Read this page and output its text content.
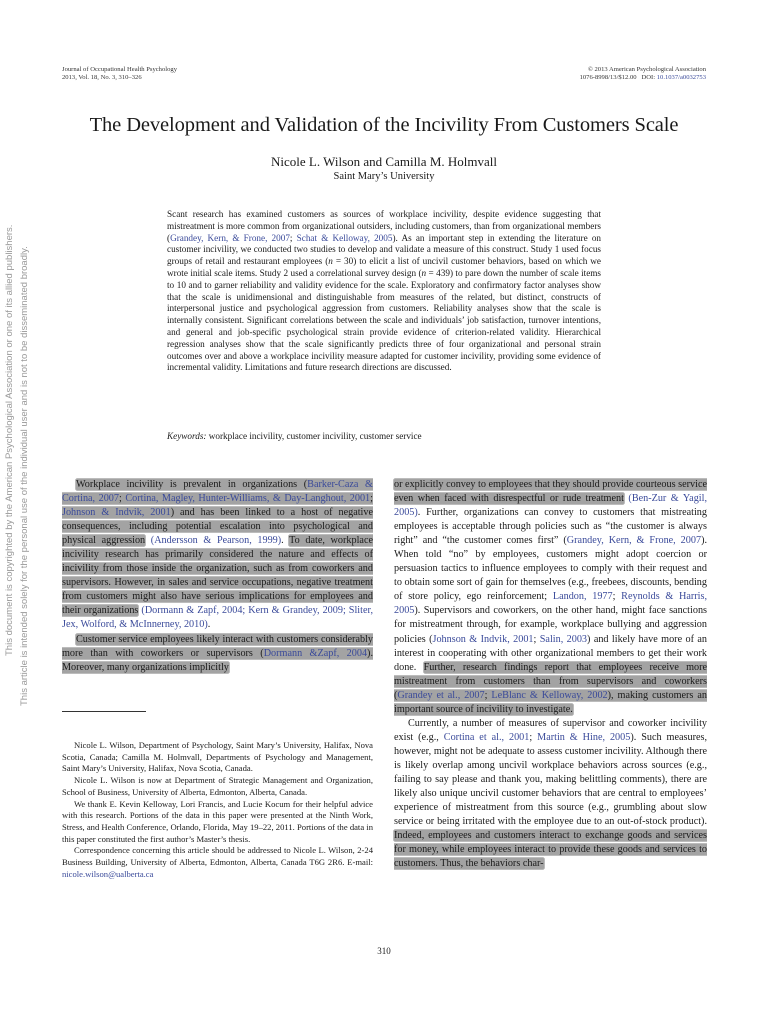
This document is copyrighted by the American Psychological Association or one of its allied publishers. This article is intended solely for the personal use of the individual user and is not to be disseminated broadly.
Journal of Occupational Health Psychology
2013, Vol. 18, No. 3, 310–326
© 2013 American Psychological Association
1076-8998/13/$12.00 DOI: 10.1037/a0032753
The Development and Validation of the Incivility From Customers Scale
Nicole L. Wilson and Camilla M. Holmvall
Saint Mary’s University
Scant research has examined customers as sources of workplace incivility, despite evidence suggesting that mistreatment is more common from organizational outsiders, including customers, than from organizational members (Grandey, Kern, & Frone, 2007; Schat & Kelloway, 2005). As an important step in extending the literature on customer incivility, we conducted two studies to develop and validate a measure of this construct. Study 1 used focus groups of retail and restaurant employees (n = 30) to elicit a list of uncivil customer behaviors, based on which we wrote initial scale items. Study 2 used a correlational survey design (n = 439) to pare down the number of scale items to 10 and to garner reliability and validity evidence for the scale. Exploratory and confirmatory factor analyses show that the scale is unidimensional and distinguishable from measures of the related, but distinct, constructs of interpersonal justice and psychological aggression from customers. Reliability analyses show that the scale is internally consistent. Significant correlations between the scale and individuals’ job satisfaction, turnover intentions, and general and job-specific psychological strain provide evidence of criterion-related validity. Hierarchical regression analyses show that the scale significantly predicts three of four organizational and personal strain outcomes over and above a workplace incivility measure adapted for customer incivility, providing some evidence of incremental validity. Limitations and future research directions are discussed.
Keywords: workplace incivility, customer incivility, customer service

Workplace incivility is prevalent in organizations (Barker-Caza & Cortina, 2007; Cortina, Magley, Hunter-Williams, & Day-Langhout, 2001; Johnson & Indvik, 2001) and has been linked to a host of negative consequences, including potential escalation into psychological and physical aggression (Andersson & Pearson, 1999). To date, workplace incivility research has primarily considered the nature and effects of incivility from those inside the organization, such as from coworkers and supervisors. However, in sales and service occupations, negative treatment from customers might also have serious implications for employees and their organizations (Dormann & Zapf, 2004; Kern & Grandey, 2009; Sliter, Jex, Wolford, & McInnerney, 2010).

Customer service employees likely interact with customers considerably more than with coworkers or supervisors (Dormann &Zapf, 2004). Moreover, many organizations implicitly

Nicole L. Wilson, Department of Psychology, Saint Mary’s University, Halifax, Nova Scotia, Canada; Camilla M. Holmvall, Departments of Psychology and Management, Saint Mary’s University, Halifax, Nova Scotia, Canada.

Nicole L. Wilson is now at Department of Strategic Management and Organization, School of Business, University of Alberta, Edmonton, Alberta, Canada.

We thank E. Kevin Kelloway, Lori Francis, and Lucie Kocum for their helpful advice with this research. Portions of the data in this paper were presented at the Ninth Work, Stress, and Health Conference, Orlando, Florida, May 19–22, 2011. Portions of the data in this paper constituted the first author’s Master’s thesis.

Correspondence concerning this article should be addressed to Nicole L. Wilson, 2-24 Business Building, University of Alberta, Edmonton, Alberta, Canada T6G 2R6. E-mail: nicole.wilson@ualberta.ca

or explicitly convey to employees that they should provide courteous service even when faced with disrespectful or rude treatment (Ben-Zur & Yagil, 2005). Further, organizations can convey to customers that mistreating employees is acceptable through policies such as “the customer is always right” and “the customer comes first” (Grandey, Kern, & Frone, 2007). When told “no” by employees, customers might adopt coercion or persuasion tactics to influence employees to comply with their request and to obtain some sort of gain for themselves (e.g., freebees, discounts, bending of store policy, ego reinforcement; Landon, 1977; Reynolds & Harris, 2005). Supervisors and coworkers, on the other hand, might face sanctions for mistreatment through, for example, workplace bullying and aggression policies (Johnson & Indvik, 2001; Salin, 2003) and likely have more of an interest in cooperating with other organizational members to get their work done. Further, research findings report that employees receive more mistreatment from customers than from supervisors and coworkers (Grandey et al., 2007; LeBlanc & Kelloway, 2002), making customers an important source of incivility to investigate.

Currently, a number of measures of supervisor and coworker incivility exist (e.g., Cortina et al., 2001; Martin & Hine, 2005). Such measures, however, might not be adequate to assess customer incivility. Although there is likely overlap among uncivil workplace behaviors across sources (e.g., failing to say please and thank you, making belittling comments), there are likely also unique uncivil customer behaviors that are central to employees’ experience of mistreatment from this source (e.g., grumbling about slow service or being irritated with the employee due to an out-of-stock product). Indeed, employees and customers interact to exchange goods and services for money, while employees interact to provide these goods and services to customers. Thus, the behaviors char-

310
